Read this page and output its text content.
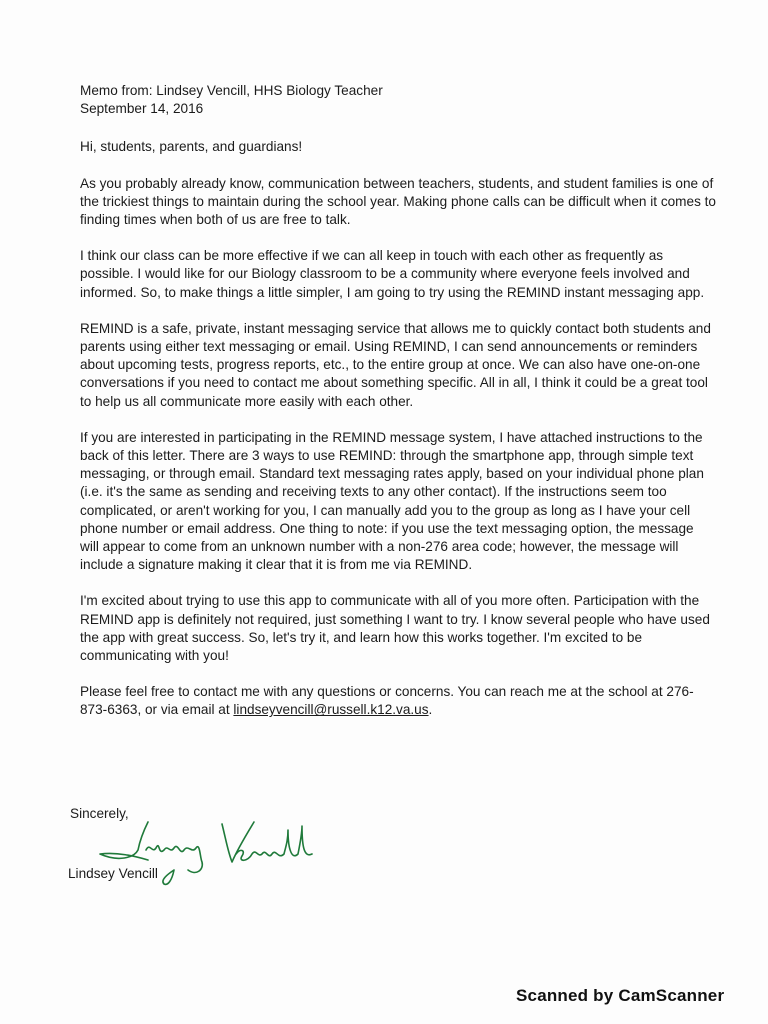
Memo from: Lindsey Vencill, HHS Biology Teacher
September 14, 2016

Hi, students, parents, and guardians!

As you probably already know, communication between teachers, students, and student families is one of the trickiest things to maintain during the school year. Making phone calls can be difficult when it comes to finding times when both of us are free to talk.

I think our class can be more effective if we can all keep in touch with each other as frequently as possible. I would like for our Biology classroom to be a community where everyone feels involved and informed. So, to make things a little simpler, I am going to try using the REMIND instant messaging app.

REMIND is a safe, private, instant messaging service that allows me to quickly contact both students and parents using either text messaging or email. Using REMIND, I can send announcements or reminders about upcoming tests, progress reports, etc., to the entire group at once. We can also have one-on-one conversations if you need to contact me about something specific. All in all, I think it could be a great tool to help us all communicate more easily with each other.

If you are interested in participating in the REMIND message system, I have attached instructions to the back of this letter. There are 3 ways to use REMIND: through the smartphone app, through simple text messaging, or through email. Standard text messaging rates apply, based on your individual phone plan (i.e. it's the same as sending and receiving texts to any other contact). If the instructions seem too complicated, or aren't working for you, I can manually add you to the group as long as I have your cell phone number or email address. One thing to note: if you use the text messaging option, the message will appear to come from an unknown number with a non-276 area code; however, the message will include a signature making it clear that it is from me via REMIND.

I'm excited about trying to use this app to communicate with all of you more often. Participation with the REMIND app is definitely not required, just something I want to try. I know several people who have used the app with great success. So, let's try it, and learn how this works together. I'm excited to be communicating with you!

Please feel free to contact me with any questions or concerns. You can reach me at the school at 276-873-6363, or via email at lindseyvencill@russell.k12.va.us.

Sincerely,
Lindsey Vencill
Scanned by CamScanner
